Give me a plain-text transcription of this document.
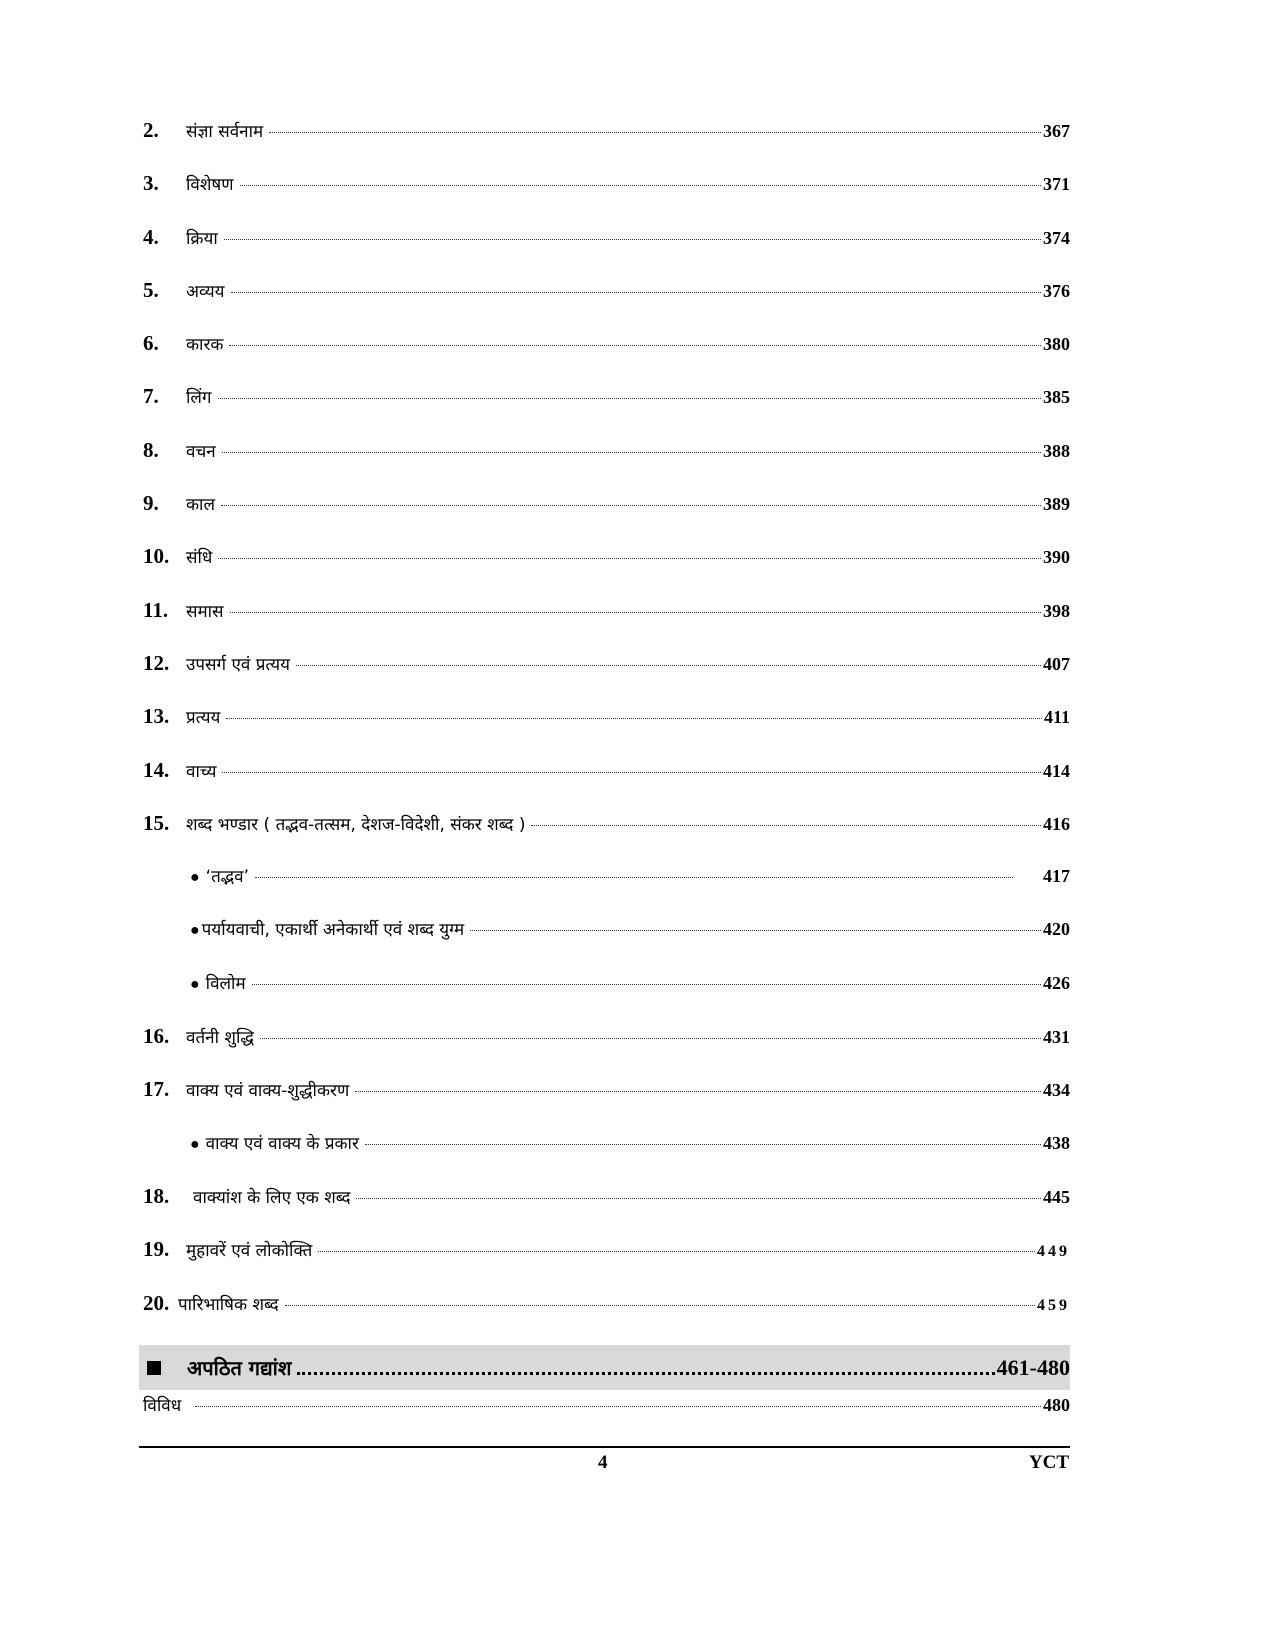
2.	संज्ञा सर्वनाम	367
3.	विशेषण	371
4.	क्रिया	374
5.	अव्यय	376
6.	कारक	380
7.	लिंग	385
8.	वचन	388
9.	काल	389
10. संधि	390
11.	समास	398
12. उपसर्ग एवं प्रत्यय	407
13. प्रत्यय	411
14. वाच्य	414
15. शब्द भण्डार ( तद्भव-तत्सम, देशज-विदेशी, संकर शब्द )	416
● ‘तद्भव’	417
● पर्यायवाची, एकार्थी अनेकार्थी एवं शब्द युग्म	420
● विलोम	426
16. वर्तनी शुद्धि	431
17. वाक्य एवं वाक्य-शुद्धीकरण	434
● वाक्य एवं वाक्य के प्रकार	438
18.	वाक्यांश के लिए एक शब्द	445
19. मुहावरें एवं लोकोक्ति	449
20. पारिभाषिक शब्द	459
अपठित गद्यांश	461-480
विविध	480
4	YCT
